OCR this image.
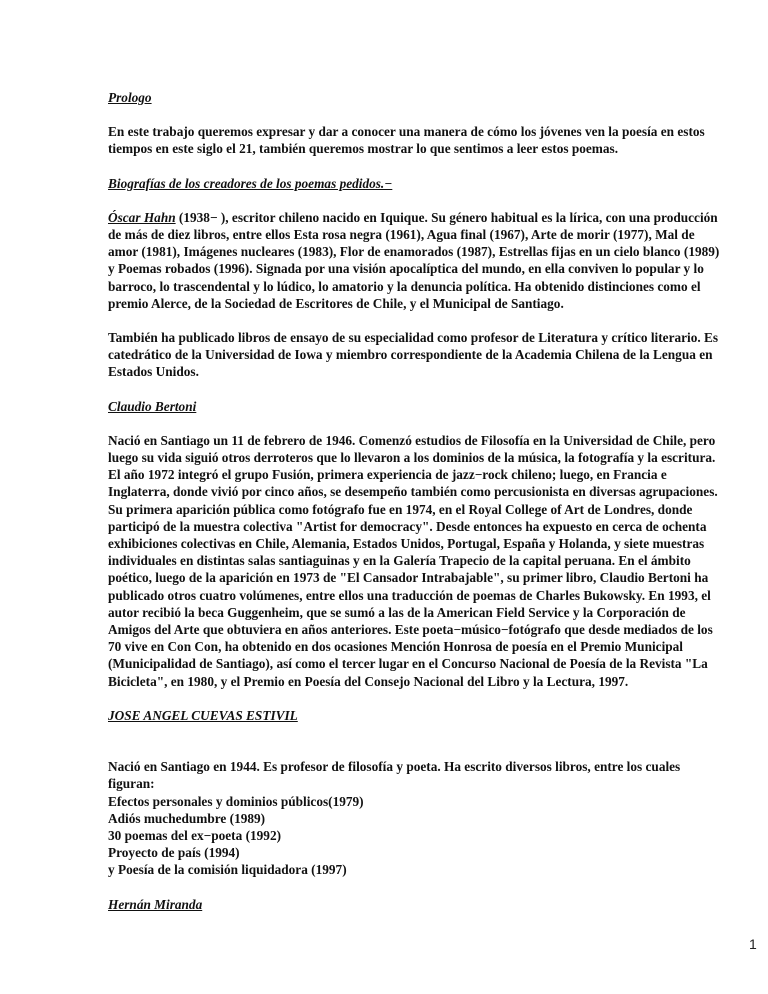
Prologo

En este trabajo queremos expresar y dar a conocer una manera de cómo los jóvenes ven la poesía en estos tiempos en este siglo el 21, también queremos mostrar lo que sentimos a leer estos poemas.

Biografías de los creadores de los poemas pedidos.−

Óscar Hahn (1938− ), escritor chileno nacido en Iquique. Su género habitual es la lírica, con una producción de más de diez libros, entre ellos Esta rosa negra (1961), Agua final (1967), Arte de morir (1977), Mal de amor (1981), Imágenes nucleares (1983), Flor de enamorados (1987), Estrellas fijas en un cielo blanco (1989) y Poemas robados (1996). Signada por una visión apocalíptica del mundo, en ella conviven lo popular y lo barroco, lo trascendental y lo lúdico, lo amatorio y la denuncia política. Ha obtenido distinciones como el premio Alerce, de la Sociedad de Escritores de Chile, y el Municipal de Santiago.

También ha publicado libros de ensayo de su especialidad como profesor de Literatura y crítico literario. Es catedrático de la Universidad de Iowa y miembro correspondiente de la Academia Chilena de la Lengua en Estados Unidos.

Claudio Bertoni

Nació en Santiago un 11 de febrero de 1946. Comenzó estudios de Filosofía en la Universidad de Chile, pero luego su vida siguió otros derroteros que lo llevaron a los dominios de la música, la fotografía y la escritura. El año 1972 integró el grupo Fusión, primera experiencia de jazz−rock chileno; luego, en Francia e Inglaterra, donde vivió por cinco años, se desempeño también como percusionista en diversas agrupaciones. Su primera aparición pública como fotógrafo fue en 1974, en el Royal College of Art de Londres, donde participó de la muestra colectiva "Artist for democracy". Desde entonces ha expuesto en cerca de ochenta exhibiciones colectivas en Chile, Alemania, Estados Unidos, Portugal, España y Holanda, y siete muestras individuales en distintas salas santiaguinas y en la Galería Trapecio de la capital peruana. En el ámbito poético, luego de la aparición en 1973 de "El Cansador Intrabajable", su primer libro, Claudio Bertoni ha publicado otros cuatro volúmenes, entre ellos una traducción de poemas de Charles Bukowsky. En 1993, el autor recibió la beca Guggenheim, que se sumó a las de la American Field Service y la Corporación de Amigos del Arte que obtuviera en años anteriores. Este poeta−músico−fotógrafo que desde mediados de los 70 vive en Con Con, ha obtenido en dos ocasiones Mención Honrosa de poesía en el Premio Municipal (Municipalidad de Santiago), así como el tercer lugar en el Concurso Nacional de Poesía de la Revista "La Bicicleta", en 1980, y el Premio en Poesía del Consejo Nacional del Libro y la Lectura, 1997.

JOSE ANGEL CUEVAS ESTIVIL
Nació en Santiago en 1944. Es profesor de filosofía y poeta. Ha escrito diversos libros, entre los cuales figuran:
Efectos personales y dominios públicos(1979)
Adiós muchedumbre (1989)
30 poemas del ex−poeta (1992)
Proyecto de país (1994)
y Poesía de la comisión liquidadora (1997)
Hernán Miranda
1
